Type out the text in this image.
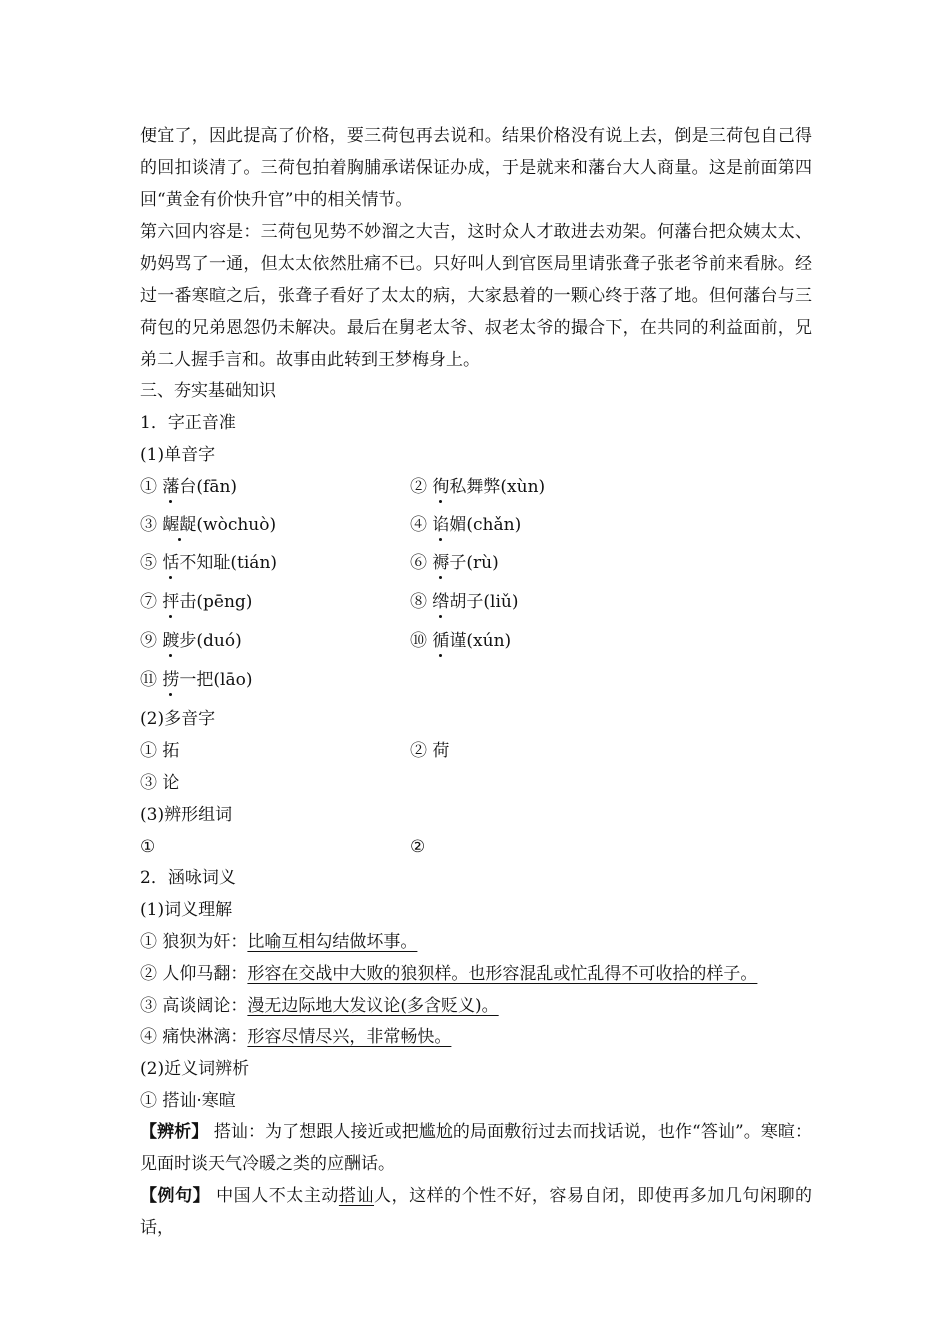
便宜了，因此提高了价格，要三荷包再去说和。结果价格没有说上去，倒是三荷包自己得的回扣谈清了。三荷包拍着胸脯承诺保证办成，于是就来和藩台大人商量。这是前面第四回“黄金有价快升官”中的相关情节。
第六回内容是：三荷包见势不妙溜之大吉，这时众人才敢进去劝架。何藩台把众姨太太、奶妈骂了一通，但太太依然肚痛不已。只好叫人到官医局里请张聋子张老爷前来看脉。经过一番寒暄之后，张聋子看好了太太的病，大家悬着的一颗心终于落了地。但何藩台与三荷包的兄弟恩怨仍未解决。最后在舅老太爷、叔老太爷的撮合下，在共同的利益面前，兄弟二人握手言和。故事由此转到王梦梅身上。
三、夯实基础知识
1．字正音准
(1)单音字
① 藩台(fān)	② 徇私舞弊(xùn)
③ 龌龊(wòchuò)	④ 谄媚(chǎn)
⑤ 恬不知耻(tián)	⑥ 褥子(rù)
⑦ 抨击(pēng)	⑧ 绺胡子(liǔ)
⑨ 踱步(duó)	⑩ 循谨(xún)
⑪ 捞一把(lāo)
(2)多音字
① 拓	② 荷
③ 论
(3)辨形组词
①	②
2．涵咏词义
(1)词义理解
① 狼狈为奸：比喻互相勾结做坏事。
② 人仰马翻：形容在交战中大败的狼狈样。也形容混乱或忙乱得不可收拾的样子。
③ 高谈阔论：漫无边际地大发议论(多含贬义)。
④ 痛快淋漓：形容尽情尽兴，非常畅快。
(2)近义词辨析
① 搭讪·寒暄
【辨析】 搭讪：为了想跟人接近或把尴尬的局面敷衍过去而找话说，也作“答讪”。寒暄：见面时谈天气冷暖之类的应酬话。
【例句】 中国人不太主动搭讪人，这样的个性不好，容易自闭，即使再多加几句闲聊的话，
